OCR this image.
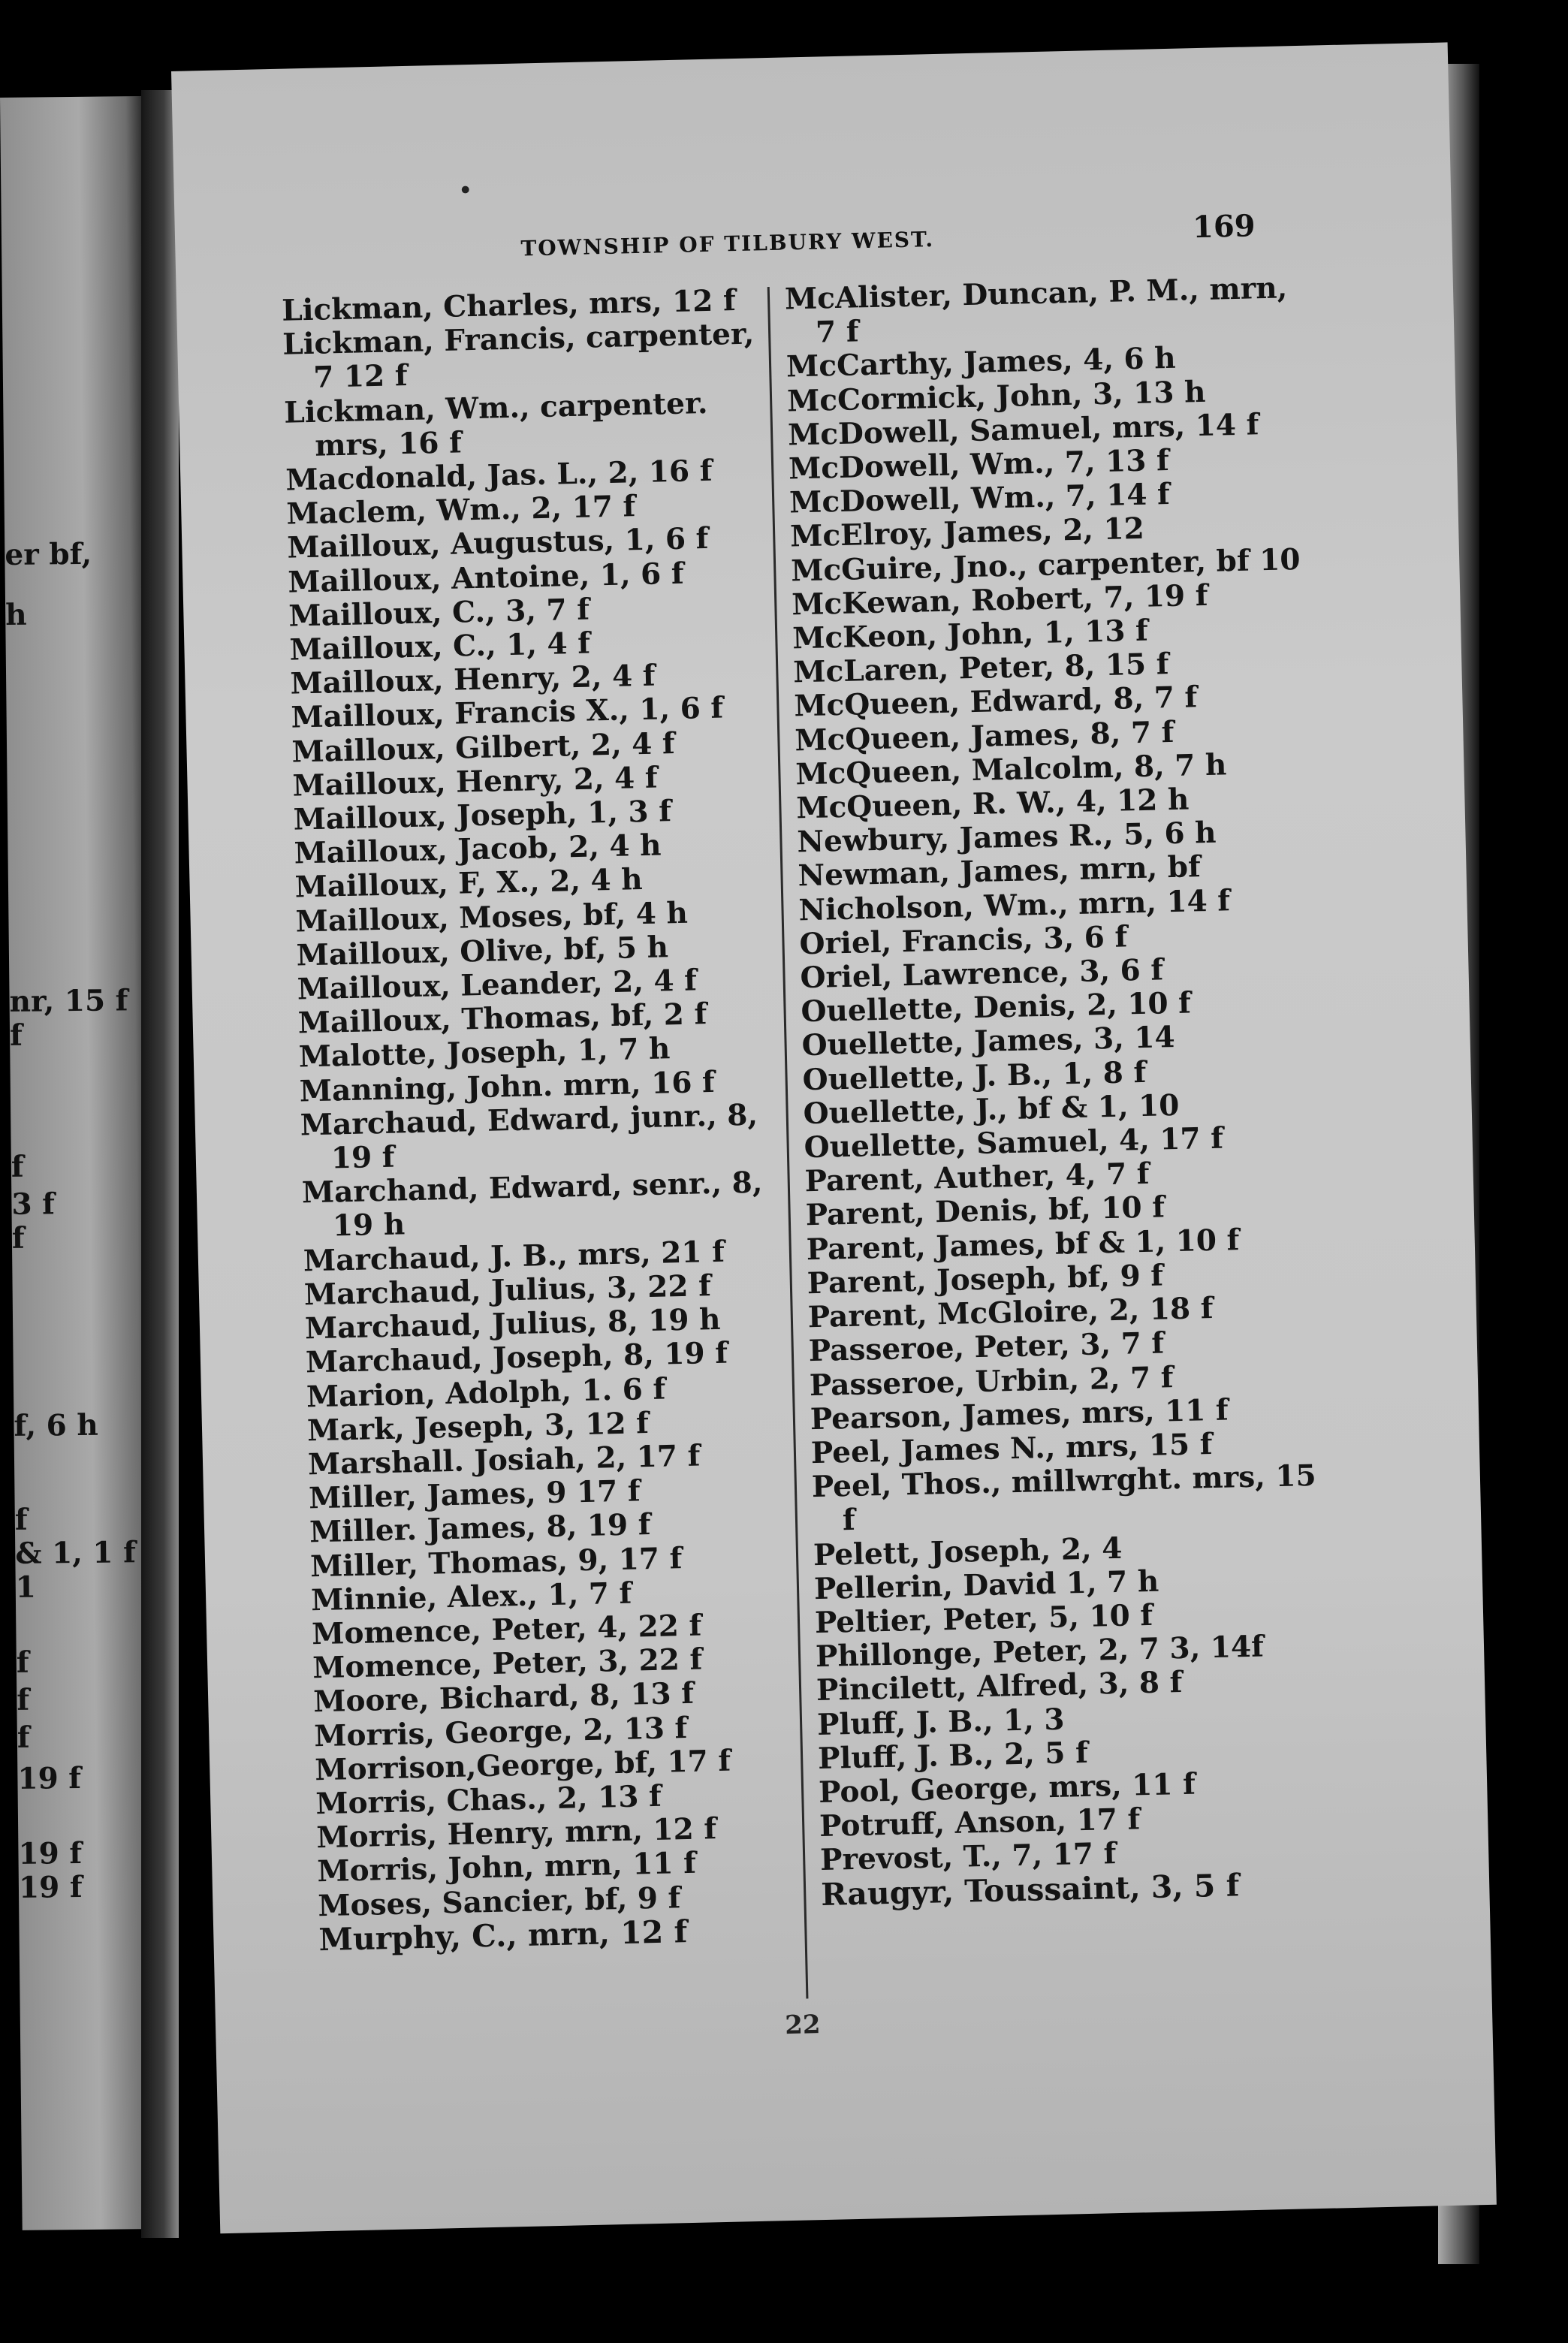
er bf,
h
nr, 15 f
f
f
3 f
f
f, 6 h
f
& 1, 1 f
1
f
f
f
19 f
19 f
19 f
•
TOWNSHIP OF TILBURY WEST.	169
Lickman, Charles, mrs, 12 f
Lickman, Francis, carpenter, 7 12 f
Lickman, Wm., carpenter. mrs, 16 f
Macdonald, Jas. L., 2, 16 f
Maclem, Wm., 2, 17 f
Mailloux, Augustus, 1, 6 f
Mailloux, Antoine, 1, 6 f
Mailloux, C., 3, 7 f
Mailloux, C., 1, 4 f
Mailloux, Henry, 2, 4 f
Mailloux, Francis X., 1, 6 f
Mailloux, Gilbert, 2, 4 f
Mailloux, Henry, 2, 4 f
Mailloux, Joseph, 1, 3 f
Mailloux, Jacob, 2, 4 h
Mailloux, F, X., 2, 4 h
Mailloux, Moses, bf, 4 h
Mailloux, Olive, bf, 5 h
Mailloux, Leander, 2, 4 f
Mailloux, Thomas, bf, 2 f
Malotte, Joseph, 1, 7 h
Manning, John. mrn, 16 f
Marchaud, Edward, junr., 8, 19 f
Marchand, Edward, senr., 8, 19 h
Marchaud, J. B., mrs, 21 f
Marchaud, Julius, 3, 22 f
Marchaud, Julius, 8, 19 h
Marchaud, Joseph, 8, 19 f
Marion, Adolph, 1. 6 f
Mark, Jeseph, 3, 12 f
Marshall. Josiah, 2, 17 f
Miller, James, 9 17 f
Miller. James, 8, 19 f
Miller, Thomas, 9, 17 f
Minnie, Alex., 1, 7 f
Momence, Peter, 4, 22 f
Momence, Peter, 3, 22 f
Moore, Bichard, 8, 13 f
Morris, George, 2, 13 f
Morrison,George, bf, 17 f
Morris, Chas., 2, 13 f
Morris, Henry, mrn, 12 f
Morris, John, mrn, 11 f
Moses, Sancier, bf, 9 f
Murphy, C., mrn, 12 f
McAlister, Duncan, P. M., mrn, 7 f
McCarthy, James, 4, 6 h
McCormick, John, 3, 13 h
McDowell, Samuel, mrs, 14 f
McDowell, Wm., 7, 13 f
McDowell, Wm., 7, 14 f
McElroy, James, 2, 12
McGuire, Jno., carpenter, bf 10
McKewan, Robert, 7, 19 f
McKeon, John, 1, 13 f
McLaren, Peter, 8, 15 f
McQueen, Edward, 8, 7 f
McQueen, James, 8, 7 f
McQueen, Malcolm, 8, 7 h
McQueen, R. W., 4, 12 h
Newbury, James R., 5, 6 h
Newman, James, mrn, bf
Nicholson, Wm., mrn, 14 f
Oriel, Francis, 3, 6 f
Oriel, Lawrence, 3, 6 f
Ouellette, Denis, 2, 10 f
Ouellette, James, 3, 14
Ouellette, J. B., 1, 8 f
Ouellette, J., bf & 1, 10
Ouellette, Samuel, 4, 17 f
Parent, Auther, 4, 7 f
Parent, Denis, bf, 10 f
Parent, James, bf & 1, 10 f
Parent, Joseph, bf, 9 f
Parent, McGloire, 2, 18 f
Passeroe, Peter, 3, 7 f
Passeroe, Urbin, 2, 7 f
Pearson, James, mrs, 11 f
Peel, James N., mrs, 15 f
Peel, Thos., millwrght. mrs, 15 f
Pelett, Joseph, 2, 4
Pellerin, David 1, 7 h
Peltier, Peter, 5, 10 f
Phillonge, Peter, 2, 7 3, 14f
Pincilett, Alfred, 3, 8 f
Pluff, J. B., 1, 3
Pluff, J. B., 2, 5 f
Pool, George, mrs, 11 f
Potruff, Anson, 17 f
Prevost, T., 7, 17 f
Raugyr, Toussaint, 3, 5 f
22
